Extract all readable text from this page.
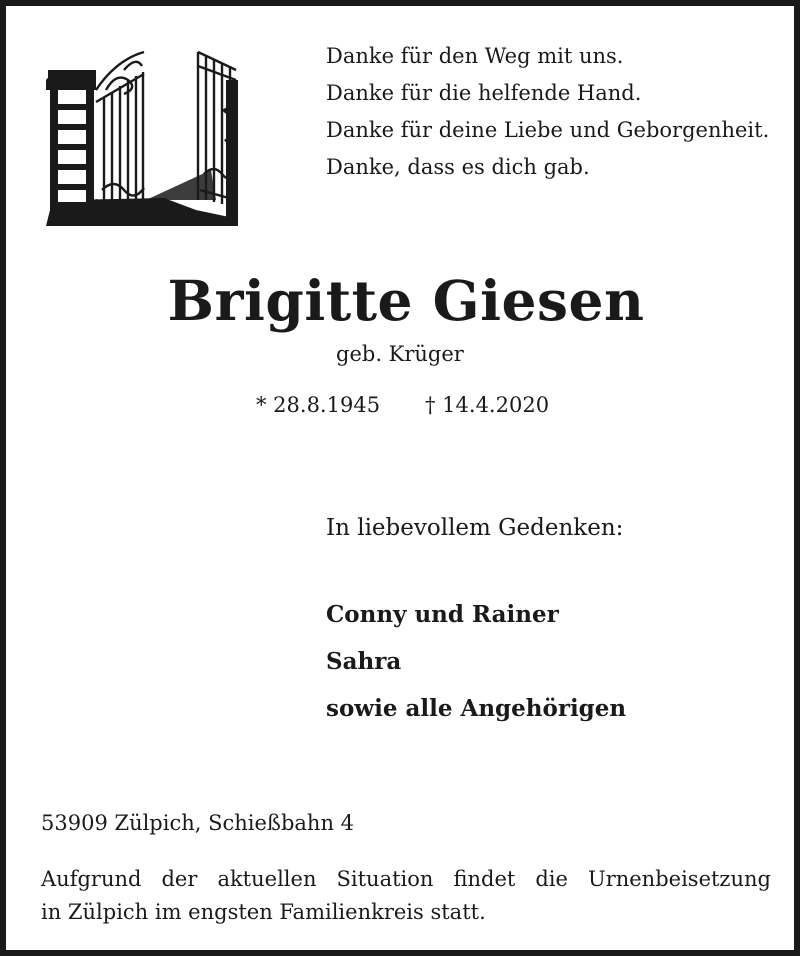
Danke für den Weg mit uns.
Danke für die helfende Hand.
Danke für deine Liebe und Geborgenheit.
Danke, dass es dich gab.
Brigitte Giesen
geb. Krüger
* 28.8.1945 † 14.4.2020
In liebevollem Gedenken:
Conny und Rainer
Sahra
sowie alle Angehörigen
53909 Zülpich, Schießbahn 4
Aufgrund der aktuellen Situation findet die Urnenbeisetzung
in Zülpich im engsten Familienkreis statt.
